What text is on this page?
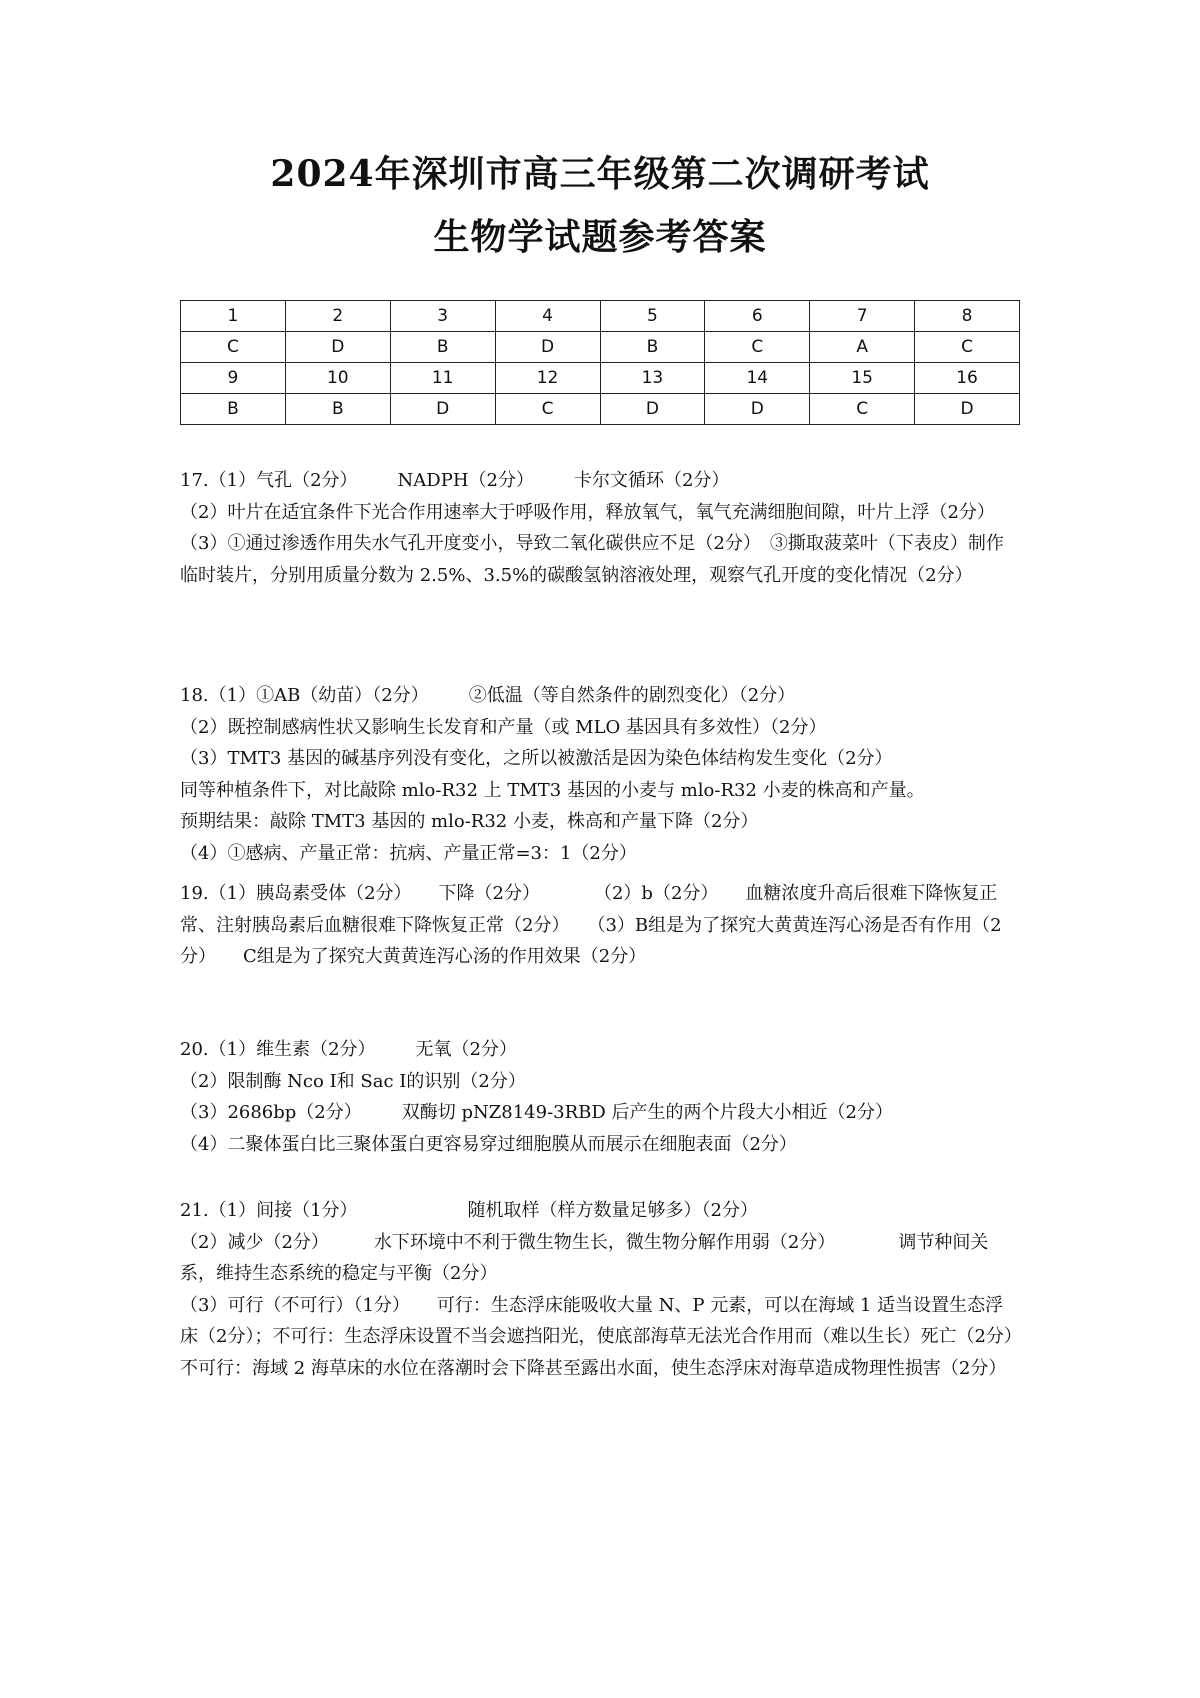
2024年深圳市高三年级第二次调研考试
生物学试题参考答案
1	2	3	4	5	6	7	8
C	D	B	D	B	C	A	C
9	10	11	12	13	14	15	16
B	B	D	C	D	D	C	D

17.（1）气孔（2分） NADPH（2分） 卡尔文循环（2分）

（2）叶片在适宜条件下光合作用速率大于呼吸作用，释放氧气，氧气充满细胞间隙，叶片上浮（2分）

（3）①通过渗透作用失水气孔开度变小，导致二氧化碳供应不足（2分）　③撕取菠菜叶（下表皮）制作临时装片，分别用质量分数为 2.5%、3.5%的碳酸氢钠溶液处理，观察气孔开度的变化情况（2分）

18.（1）①AB（幼苗）（2分） ②低温（等自然条件的剧烈变化）（2分）

（2）既控制感病性状又影响生长发育和产量（或 MLO 基因具有多效性）（2分）

（3）TMT3 基因的碱基序列没有变化，之所以被激活是因为染色体结构发生变化（2分）

同等种植条件下，对比敲除 mlo-R32 上 TMT3 基因的小麦与 mlo-R32 小麦的株高和产量。

预期结果：敲除 TMT3 基因的 mlo-R32 小麦，株高和产量下降（2分）

（4）①感病、产量正常：抗病、产量正常=3：1（2分）

19.（1）胰岛素受体（2分）　　下降（2分）　　　　（2）b（2分）　　血糖浓度升高后很难下降恢复正常、注射胰岛素后血糖很难下降恢复正常（2分）　　（3）B组是为了探究大黄黄连泻心汤是否有作用（2分）　　C组是为了探究大黄黄连泻心汤的作用效果（2分）

20.（1）维生素（2分） 无氧（2分）

（2）限制酶 Nco Ⅰ和 Sac Ⅰ的识别（2分）

（3）2686bp（2分） 双酶切 pNZ8149-3RBD 后产生的两个片段大小相近（2分）

（4）二聚体蛋白比三聚体蛋白更容易穿过细胞膜从而展示在细胞表面（2分）

21.（1）间接（1分）	随机取样（样方数量足够多）（2分）

（2）减少（2分）　　　水下环境中不利于微生物生长，微生物分解作用弱（2分）　　　　调节种间关系，维持生态系统的稳定与平衡（2分）

（3）可行（不可行）（1分）　　可行：生态浮床能吸收大量 N、P 元素，可以在海域 1 适当设置生态浮床（2分）；不可行：生态浮床设置不当会遮挡阳光，使底部海草无法光合作用而（难以生长）死亡（2分）　　不可行：海域 2 海草床的水位在落潮时会下降甚至露出水面，使生态浮床对海草造成物理性损害（2分）
